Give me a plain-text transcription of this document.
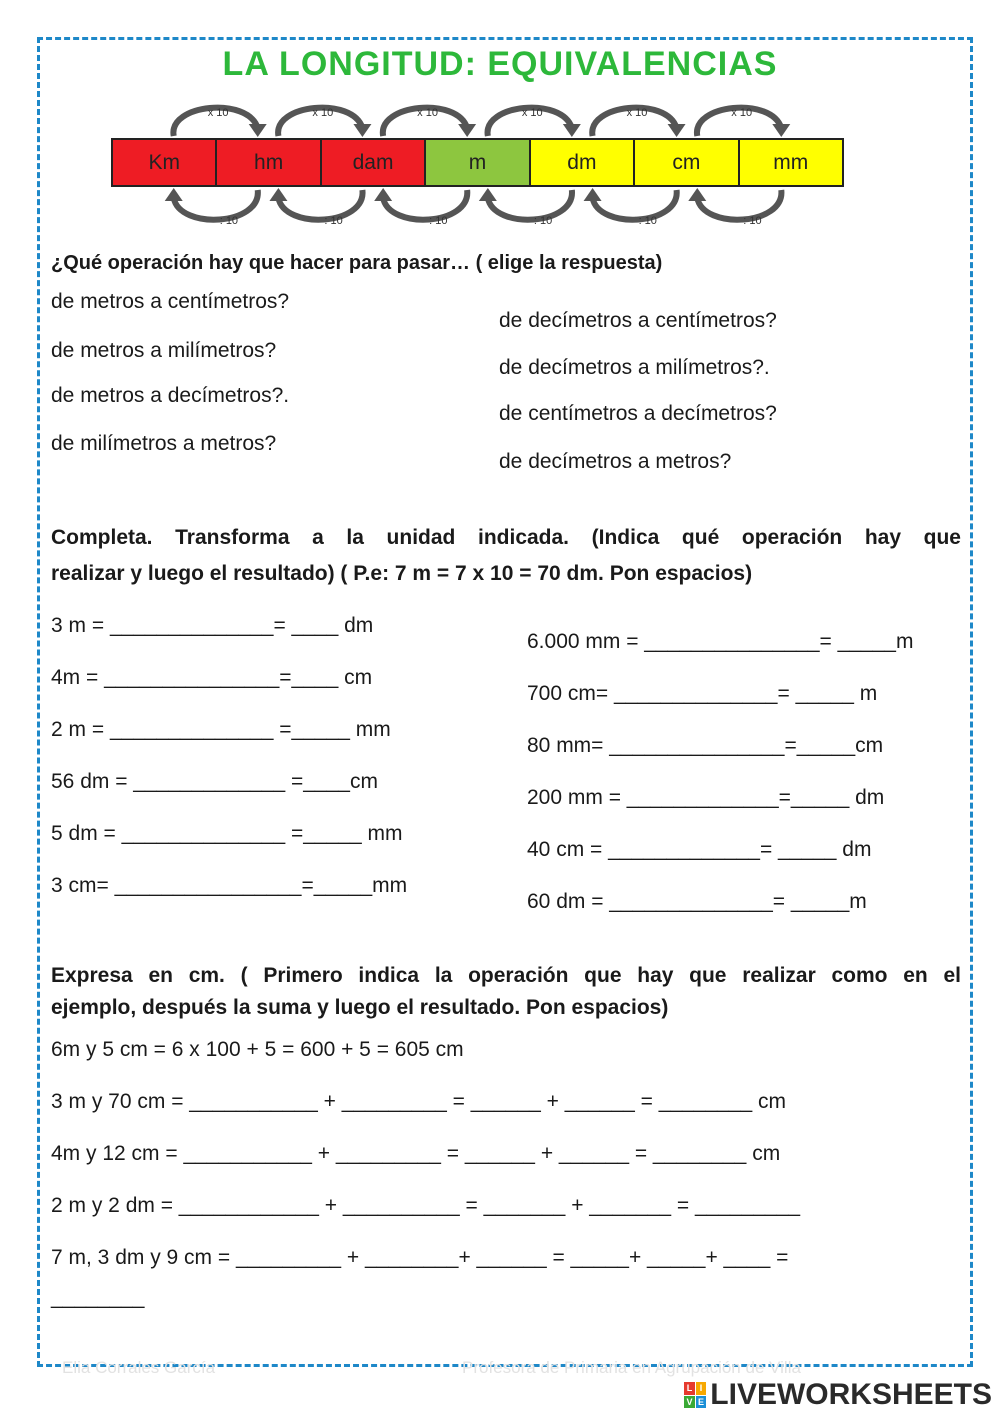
LA LONGITUD: EQUIVALENCIAS
Km	hm	dam	m	dm	cm	mm
x 10
: 10
x 10
: 10
x 10
: 10
x 10
: 10
x 10
: 10
x 10
: 10
¿Qué operación hay que hacer para pasar… ( elige la respuesta)
de metros a centímetros?
de metros a milímetros?
de metros a decímetros?.
de milímetros a metros?
de decímetros a centímetros?
de decímetros a milímetros?.
de centímetros a decímetros?
de decímetros a metros?
Completa. Transforma a la unidad indicada. (Indica qué operación hay que
realizar y luego el resultado) ( P.e: 7 m = 7 x 10 = 70 dm. Pon espacios)
3 m = ______________= ____ dm
4m = _______________=____ cm
2 m = ______________ =_____ mm
56 dm = _____________ =____cm
5 dm = ______________ =_____ mm
3 cm= ________________=_____mm
6.000 mm = _______________= _____m
700 cm= ______________= _____ m
80 mm= _______________=_____cm
200 mm = _____________=_____ dm
40 cm = _____________= _____ dm
60 dm = ______________= _____m
Expresa en cm. ( Primero indica la operación que hay que realizar como en el
ejemplo, después la suma y luego el resultado. Pon espacios)
6m y 5 cm = 6 x 100 + 5 = 600 + 5 = 605 cm
3 m y 70 cm = ___________ + _________ = ______ + ______ = ________ cm
4m y 12 cm = ___________ + _________ = ______ + ______ = ________ cm
2 m y 2 dm = ____________ + __________ = _______ + _______ = _________
7 m, 3 dm y 9 cm = _________ + ________+ ______ = _____+ _____+ ____ =
________
Elia Corrales García	Profesora de Primaria en Agrupación de Villa
L I
V E LIVEWORKSHEETS
